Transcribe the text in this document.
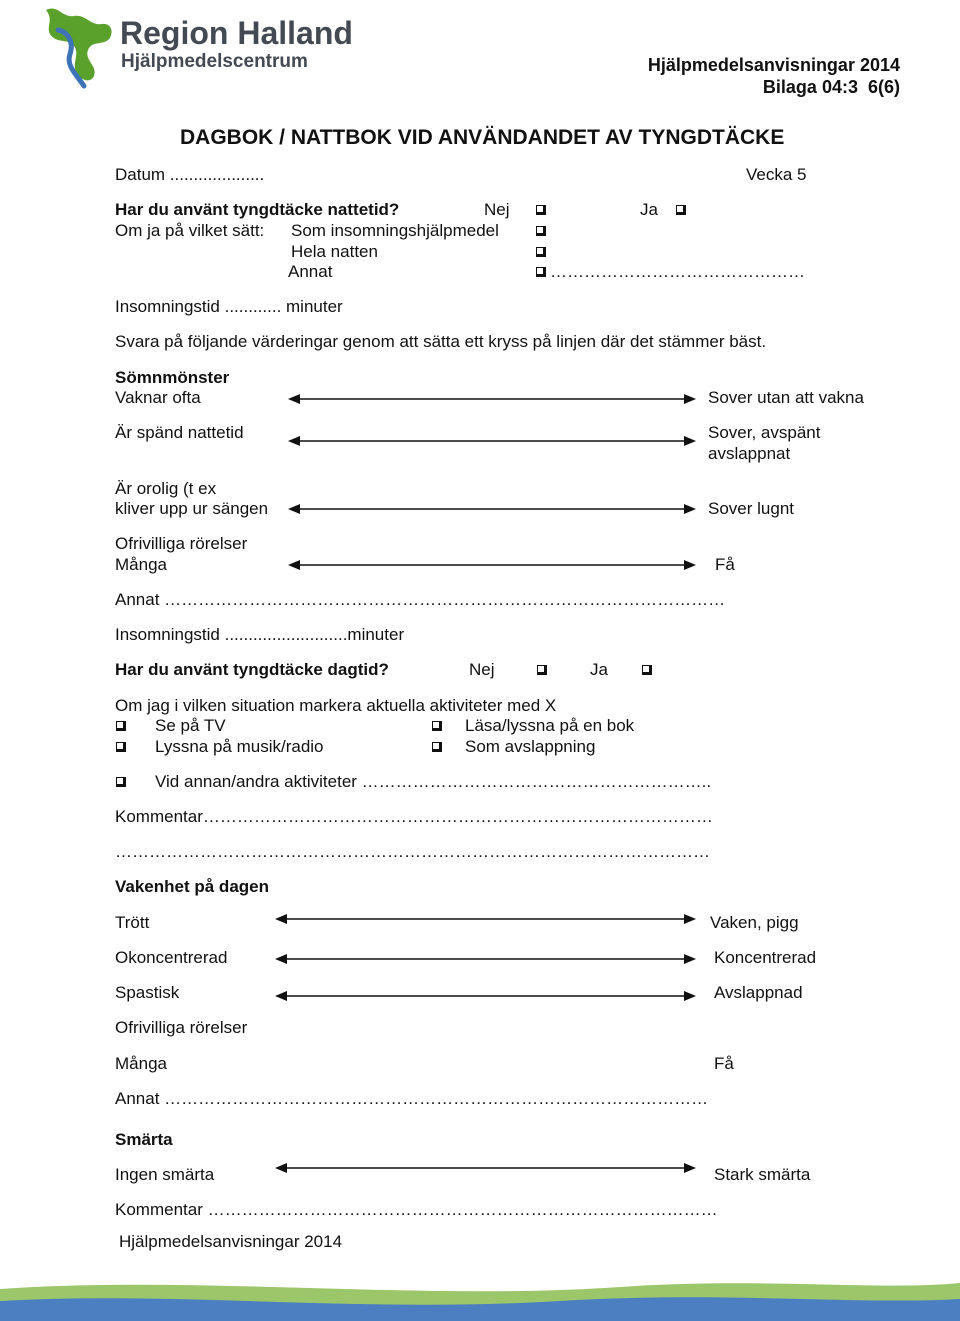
Region Halland
Hjälpmedelscentrum	Hjälpmedelsanvisningar 2014
Bilaga 04:3 6(6)
DAGBOK / NATTBOK VID ANVÄNDANDET AV TYNGDTÄCKE
Datum ....................	Vecka 5
Har du använt tyngdtäcke nattetid?	Nej	Ja
Om ja på vilket sätt: Som insomningshjälpmedel
Hela natten
Annat	………………………………………
Insomningstid ............ minuter
Svara på följande värderingar genom att sätta ett kryss på linjen där det stämmer bäst.
Sömnmönster
Vaknar ofta	Sover utan att vakna
Är spänd nattetid	Sover, avspänt
avslappnat
Är orolig (t ex
kliver upp ur sängen	Sover lugnt
Ofrivilliga rörelser
Många	Få
Annat ………………………………………………………………………………………
Insomningstid ..........................minuter
Har du använt tyngdtäcke dagtid?	Nej	Ja
Om jag i vilken situation markera aktuella aktiviteter med X
Se på TV	Läsa/lyssna på en bok
Lyssna på musik/radio	Som avslappning
Vid annan/andra aktiviteter ……………………………………………………..
Kommentar………………………………………………………………………………
……………………………………………………………………………………………
Vakenhet på dagen
Trött	Vaken, pigg
Okoncentrerad	Koncentrerad
Spastisk	Avslappnad
Ofrivilliga rörelser
Många	Få
Annat ……………………………………………………………………………………
Smärta
Ingen smärta	Stark smärta
Kommentar ………………………………………………………………………………
Hjälpmedelsanvisningar 2014
